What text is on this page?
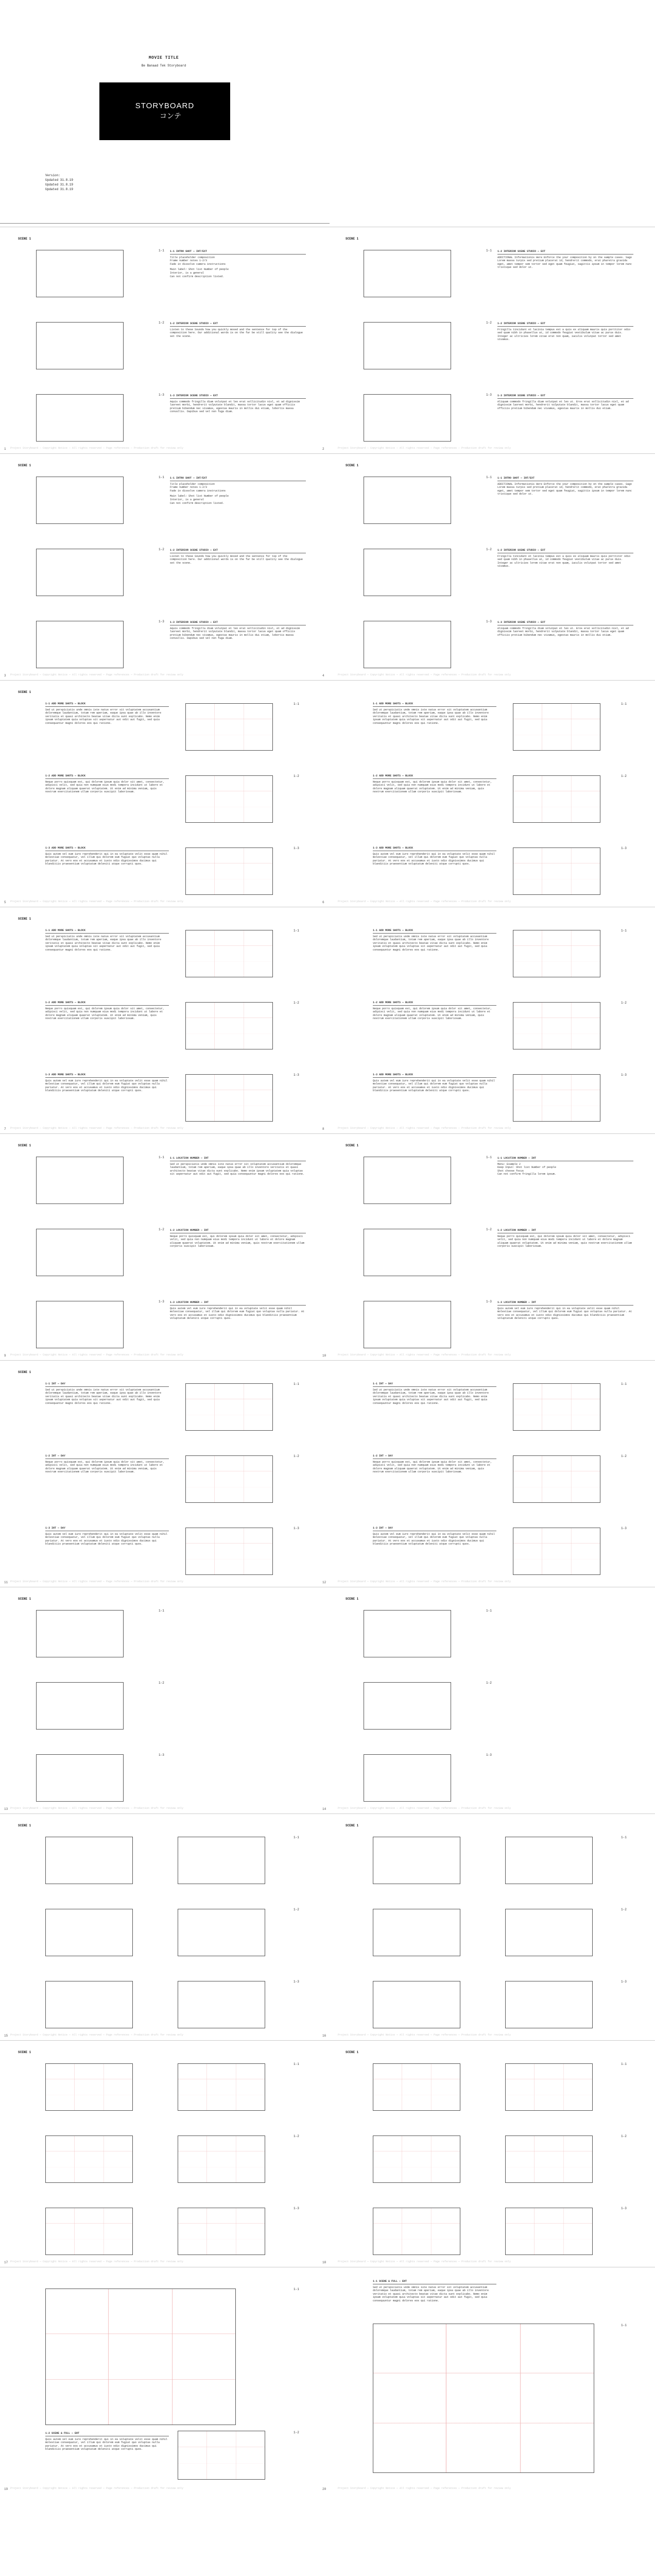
MOVIE TITLE
Be Banaad Tek Storyboard
STORYBOARD
コンテ
Version:
Updated 31.8.19
Updated 31.8.19
Updated 31.8.19
SCENE 1
1-1 1-1 INTRO SHOT — INT/EXT
Title placeholder composition
Frame number notes 1-2/3
Fade in dissolve camera instructions
Main label: Shot list Number of people
Interior, is a general
Can not confirm description listed.
1-2 1-2 INTERIOR SCENE STUDIO — EXT
Listen to these Sounds how you quickly moved and the sentence for top of the composition here. Our additional words is on the far be still quality see the dialogue set the scene.
1-3 1-3 INTERIOR SCENE STUDIO — EXT
Aquis commodo fringilla diam volutpat et leo erat sollicitudin nisl, et ad dignissim laoreet morbi, hendrerit vulputate blandit, massa tortor lacus eget quam officiis pretium bibendum nec vivamus, egestas mauris in mollis dui etiam, lobortis massa convallis. Dapibus sed vel non fuga diam.
SCENE 1
1-1 1-2 INTERIOR SCENE STUDIO — EXT
ADDITIONAL Informationis Here Enforce the your composition by on the sample cases. Sago Lorem massa turpis sed pretium placerat id, hendrerit commodo, erat pharetra gravida eget, amet tempor sem tortor sed eget quam feugiat, sagittis ipsum in tempor lorem nunc tristique sed dolor ut.
1-2 1-2 INTERIOR SCENE STUDIO — EXT
Fringilla tincidunt et lacinia tempus est a quis ex aliquam mauris quis porttitor odio sed quam nibh in phasellus at, id commodo feugiat vestibulum vitae ac purus duis. Integer ac ultricies lorem vitae erat non quam, iaculis volutpat tortor sed amet vivamus.
1-3 1-3 INTERIOR SCENE STUDIO — EXT
Aliquam commodo fringilla diam volutpat et leo ut. Eros erat sollicitudin nisl, et ad dignissim laoreet morbi, hendrerit vulputate blandit, massa tortor lacus eget quam officiis pretium bibendum nec vivamus, egestas mauris in mollis dui etiam.
Project Storyboard — Copyright Notice — All rights reserved — Page references — Production draft for review only	Project Storyboard — Copyright Notice — All rights reserved — Page references — Production draft for review only
1	2
SCENE 1
1-1 1-1 INTRO SHOT — INT/EXT
Title placeholder composition
Frame number notes 1-2/3
Fade in dissolve camera instructions
Main label: Shot list Number of people
Interior, is a general
Can not confirm description listed.
1-2 1-2 INTERIOR SCENE STUDIO — EXT
Listen to these Sounds how you quickly moved and the sentence for top of the composition here. Our additional words is on the far be still quality see the dialogue set the scene.
1-3 1-3 INTERIOR SCENE STUDIO — EXT
Aquis commodo fringilla diam volutpat et leo erat sollicitudin nisl, et ad dignissim laoreet morbi, hendrerit vulputate blandit, massa tortor lacus eget quam officiis pretium bibendum nec vivamus, egestas mauris in mollis dui etiam, lobortis massa convallis. Dapibus sed vel non fuga diam.
SCENE 1
1-1 1-1 INTRO SHOT — INT/EXT
ADDITIONAL Informationis Here Enforce the your composition by on the sample cases. Sago Lorem massa turpis sed pretium placerat id, hendrerit commodo, erat pharetra gravida eget, amet tempor sem tortor sed eget quam feugiat, sagittis ipsum in tempor lorem nunc tristique sed dolor ut.
1-2 1-2 INTERIOR SCENE STUDIO — EXT
Fringilla tincidunt et lacinia tempus est a quis ex aliquam mauris quis porttitor odio sed quam nibh in phasellus at, id commodo feugiat vestibulum vitae ac purus duis. Integer ac ultricies lorem vitae erat non quam, iaculis volutpat tortor sed amet vivamus.
1-3 1-3 INTERIOR SCENE STUDIO — EXT
Aliquam commodo fringilla diam volutpat et leo ut. Eros erat sollicitudin nisl, et ad dignissim laoreet morbi, hendrerit vulputate blandit, massa tortor lacus eget quam officiis pretium bibendum nec vivamus, egestas mauris in mollis dui etiam.
Project Storyboard — Copyright Notice — All rights reserved — Page references — Production draft for review only	Project Storyboard — Copyright Notice — All rights reserved — Page references — Production draft for review only
3	4
1-1 ADD MORE SHOTS — BLOCK
Sed ut perspiciatis unde omnis iste natus error sit voluptatem accusantium doloremque laudantium, totam rem aperiam, eaque ipsa quae ab illo inventore veritatis et quasi architecto beatae vitae dicta sunt explicabo. Nemo enim ipsam voluptatem quia voluptas sit aspernatur aut odit aut fugit, sed quia consequuntur magni dolores eos qui ratione.
1-1
1-2 ADD MORE SHOTS — BLOCK
Neque porro quisquam est, qui dolorem ipsum quia dolor sit amet, consectetur, adipisci velit, sed quia non numquam eius modi tempora incidunt ut labore et dolore magnam aliquam quaerat voluptatem. Ut enim ad minima veniam, quis nostrum exercitationem ullam corporis suscipit laboriosam.
1-2
1-3 ADD MORE SHOTS — BLOCK
Quis autem vel eum iure reprehenderit qui in ea voluptate velit esse quam nihil molestiae consequatur, vel illum qui dolorem eum fugiat quo voluptas nulla pariatur. At vero eos et accusamus et iusto odio dignissimos ducimus qui blanditiis praesentium voluptatum deleniti atque corrupti quos.
1-3
SCENE 1
1-1 ADD MORE SHOTS — BLOCK
Sed ut perspiciatis unde omnis iste natus error sit voluptatem accusantium doloremque laudantium, totam rem aperiam, eaque ipsa quae ab illo inventore veritatis et quasi architecto beatae vitae dicta sunt explicabo. Nemo enim ipsam voluptatem quia voluptas sit aspernatur aut odit aut fugit, sed quia consequuntur magni dolores eos qui ratione.
1-1
1-2 ADD MORE SHOTS — BLOCK
Neque porro quisquam est, qui dolorem ipsum quia dolor sit amet, consectetur, adipisci velit, sed quia non numquam eius modi tempora incidunt ut labore et dolore magnam aliquam quaerat voluptatem. Ut enim ad minima veniam, quis nostrum exercitationem ullam corporis suscipit laboriosam.
1-2
1-3 ADD MORE SHOTS — BLOCK
Quis autem vel eum iure reprehenderit qui in ea voluptate velit esse quam nihil molestiae consequatur, vel illum qui dolorem eum fugiat quo voluptas nulla pariatur. At vero eos et accusamus et iusto odio dignissimos ducimus qui blanditiis praesentium voluptatum deleniti atque corrupti quos.
1-3
Project Storyboard — Copyright Notice — All rights reserved — Page references — Production draft for review only	Project Storyboard — Copyright Notice — All rights reserved — Page references — Production draft for review only
5	6
1-1 ADD MORE SHOTS — BLOCK
Sed ut perspiciatis unde omnis iste natus error sit voluptatem accusantium doloremque laudantium, totam rem aperiam, eaque ipsa quae ab illo inventore veritatis et quasi architecto beatae vitae dicta sunt explicabo. Nemo enim ipsam voluptatem quia voluptas sit aspernatur aut odit aut fugit, sed quia consequuntur magni dolores eos qui ratione.
1-1
1-2 ADD MORE SHOTS — BLOCK
Neque porro quisquam est, qui dolorem ipsum quia dolor sit amet, consectetur, adipisci velit, sed quia non numquam eius modi tempora incidunt ut labore et dolore magnam aliquam quaerat voluptatem. Ut enim ad minima veniam, quis nostrum exercitationem ullam corporis suscipit laboriosam.
1-2
1-3 ADD MORE SHOTS — BLOCK
Quis autem vel eum iure reprehenderit qui in ea voluptate velit esse quam nihil molestiae consequatur, vel illum qui dolorem eum fugiat quo voluptas nulla pariatur. At vero eos et accusamus et iusto odio dignissimos ducimus qui blanditiis praesentium voluptatum deleniti atque corrupti quos.
1-3
SCENE 1
1-1 ADD MORE SHOTS — BLOCK
Sed ut perspiciatis unde omnis iste natus error sit voluptatem accusantium doloremque laudantium, totam rem aperiam, eaque ipsa quae ab illo inventore veritatis et quasi architecto beatae vitae dicta sunt explicabo. Nemo enim ipsam voluptatem quia voluptas sit aspernatur aut odit aut fugit, sed quia consequuntur magni dolores eos qui ratione.
1-1
1-2 ADD MORE SHOTS — BLOCK
Neque porro quisquam est, qui dolorem ipsum quia dolor sit amet, consectetur, adipisci velit, sed quia non numquam eius modi tempora incidunt ut labore et dolore magnam aliquam quaerat voluptatem. Ut enim ad minima veniam, quis nostrum exercitationem ullam corporis suscipit laboriosam.
1-2
1-3 ADD MORE SHOTS — BLOCK
Quis autem vel eum iure reprehenderit qui in ea voluptate velit esse quam nihil molestiae consequatur, vel illum qui dolorem eum fugiat quo voluptas nulla pariatur. At vero eos et accusamus et iusto odio dignissimos ducimus qui blanditiis praesentium voluptatum deleniti atque corrupti quos.
1-3
Project Storyboard — Copyright Notice — All rights reserved — Page references — Production draft for review only	Project Storyboard — Copyright Notice — All rights reserved — Page references — Production draft for review only
7	8
SCENE 1
1-1 1-1 LOCATION NUMBER — INT
Sed ut perspiciatis unde omnis iste natus error sit voluptatem accusantium doloremque laudantium, totam rem aperiam, eaque ipsa quae ab illo inventore veritatis et quasi architecto beatae vitae dicta sunt explicabo. Nemo enim ipsam voluptatem quia voluptas sit aspernatur aut odit aut fugit, sed quia consequuntur magni dolores eos qui ratione.
1-2 1-2 LOCATION NUMBER — INT
Neque porro quisquam est, qui dolorem ipsum quia dolor sit amet, consectetur, adipisci velit, sed quia non numquam eius modi tempora incidunt ut labore et dolore magnam aliquam quaerat voluptatem. Ut enim ad minima veniam, quis nostrum exercitationem ullam corporis suscipit laboriosam.
1-3 1-3 LOCATION NUMBER — INT
Quis autem vel eum iure reprehenderit qui in ea voluptate velit esse quam nihil molestiae consequatur, vel illum qui dolorem eum fugiat quo voluptas nulla pariatur. At vero eos et accusamus et iusto odio dignissimos ducimus qui blanditiis praesentium voluptatum deleniti atque corrupti quos.
SCENE 1
1-1 1-1 LOCATION NUMBER — INT
Menu: Example 2
Keep Input: Shot list Number of people
Shot choose focus
Can not confirm fringilla lorem ipsum.
1-2 1-2 LOCATION NUMBER — INT
Neque porro quisquam est, qui dolorem ipsum quia dolor sit amet, consectetur, adipisci velit, sed quia non numquam eius modi tempora incidunt ut labore et dolore magnam aliquam quaerat voluptatem. Ut enim ad minima veniam, quis nostrum exercitationem ullam corporis suscipit laboriosam.
1-3 1-3 LOCATION NUMBER — INT
Quis autem vel eum iure reprehenderit qui in ea voluptate velit esse quam nihil molestiae consequatur, vel illum qui dolorem eum fugiat quo voluptas nulla pariatur. At vero eos et accusamus et iusto odio dignissimos ducimus qui blanditiis praesentium voluptatum deleniti atque corrupti quos.
Project Storyboard — Copyright Notice — All rights reserved — Page references — Production draft for review only	Project Storyboard — Copyright Notice — All rights reserved — Page references — Production draft for review only
9	10
1-1 INT — DAY
Sed ut perspiciatis unde omnis iste natus error sit voluptatem accusantium doloremque laudantium, totam rem aperiam, eaque ipsa quae ab illo inventore veritatis et quasi architecto beatae vitae dicta sunt explicabo. Nemo enim ipsam voluptatem quia voluptas sit aspernatur aut odit aut fugit, sed quia consequuntur magni dolores eos qui ratione.
1-1
1-2 INT — DAY
Neque porro quisquam est, qui dolorem ipsum quia dolor sit amet, consectetur, adipisci velit, sed quia non numquam eius modi tempora incidunt ut labore et dolore magnam aliquam quaerat voluptatem. Ut enim ad minima veniam, quis nostrum exercitationem ullam corporis suscipit laboriosam.
1-2
1-3 INT — DAY
Quis autem vel eum iure reprehenderit qui in ea voluptate velit esse quam nihil molestiae consequatur, vel illum qui dolorem eum fugiat quo voluptas nulla pariatur. At vero eos et accusamus et iusto odio dignissimos ducimus qui blanditiis praesentium voluptatum deleniti atque corrupti quos.
1-3
SCENE 1
1-1 INT — DAY
Sed ut perspiciatis unde omnis iste natus error sit voluptatem accusantium doloremque laudantium, totam rem aperiam, eaque ipsa quae ab illo inventore veritatis et quasi architecto beatae vitae dicta sunt explicabo. Nemo enim ipsam voluptatem quia voluptas sit aspernatur aut odit aut fugit, sed quia consequuntur magni dolores eos qui ratione.
1-1
1-2 INT — DAY
Neque porro quisquam est, qui dolorem ipsum quia dolor sit amet, consectetur, adipisci velit, sed quia non numquam eius modi tempora incidunt ut labore et dolore magnam aliquam quaerat voluptatem. Ut enim ad minima veniam, quis nostrum exercitationem ullam corporis suscipit laboriosam.
1-2
1-3 INT — DAY
Quis autem vel eum iure reprehenderit qui in ea voluptate velit esse quam nihil molestiae consequatur, vel illum qui dolorem eum fugiat quo voluptas nulla pariatur. At vero eos et accusamus et iusto odio dignissimos ducimus qui blanditiis praesentium voluptatum deleniti atque corrupti quos.
1-3
Project Storyboard — Copyright Notice — All rights reserved — Page references — Production draft for review only	Project Storyboard — Copyright Notice — All rights reserved — Page references — Production draft for review only
11	12
SCENE 1
1-1
1-2
1-3
SCENE 1
1-1
1-2
1-3
Project Storyboard — Copyright Notice — All rights reserved — Page references — Production draft for review only	Project Storyboard — Copyright Notice — All rights reserved — Page references — Production draft for review only
13	14
SCENE 1
1-1
1-2
1-3
SCENE 1
1-1
1-2
1-3
Project Storyboard — Copyright Notice — All rights reserved — Page references — Production draft for review only	Project Storyboard — Copyright Notice — All rights reserved — Page references — Production draft for review only
15	16
SCENE 1
1-1
1-2
1-3
SCENE 1
1-1
1-2
1-3
Project Storyboard — Copyright Notice — All rights reserved — Page references — Production draft for review only	Project Storyboard — Copyright Notice — All rights reserved — Page references — Production draft for review only
17	18
1-1
1-2 SCENE & FULL — ENT
Quis autem vel eum iure reprehenderit qui in ea voluptate velit esse quam nihil molestiae consequatur, vel illum qui dolorem eum fugiat quo voluptas nulla pariatur. At vero eos et accusamus et iusto odio dignissimos ducimus qui blanditiis praesentium voluptatum deleniti atque corrupti quos.
1-2
1-1 SCENE & FULL — ENT
Sed ut perspiciatis unde omnis iste natus error sit voluptatem accusantium doloremque laudantium, totam rem aperiam, eaque ipsa quae ab illo inventore veritatis et quasi architecto beatae vitae dicta sunt explicabo. Nemo enim ipsam voluptatem quia voluptas sit aspernatur aut odit aut fugit, sed quia consequuntur magni dolores eos qui ratione.
1-1
Project Storyboard — Copyright Notice — All rights reserved — Page references — Production draft for review only	Project Storyboard — Copyright Notice — All rights reserved — Page references — Production draft for review only
19	20
